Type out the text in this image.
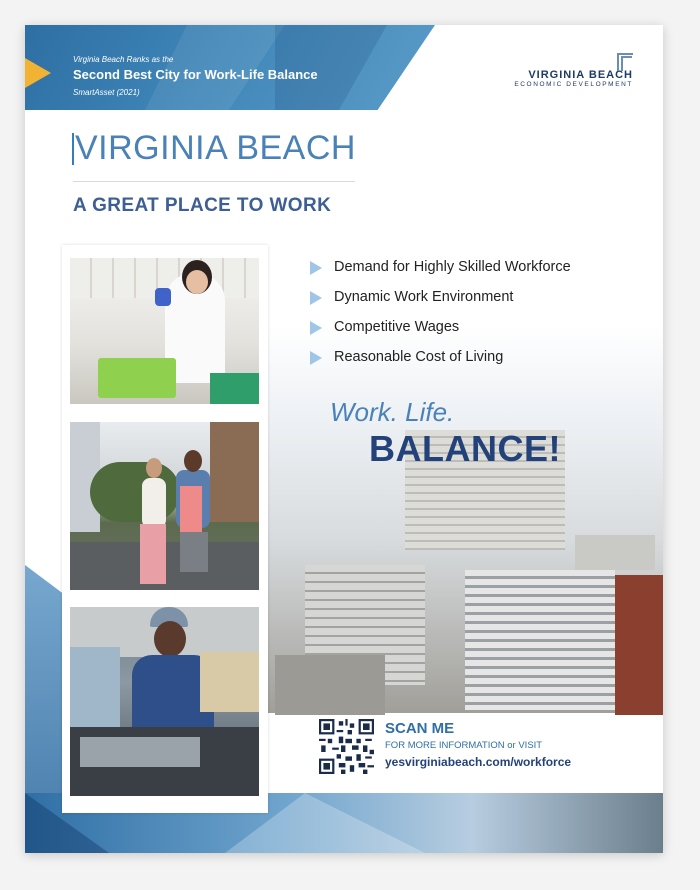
Virginia Beach Ranks as the
Second Best City for Work-Life Balance
SmartAsset (2021)
VIRGINIA BEACH
ECONOMIC DEVELOPMENT
VIRGINIA BEACH
A GREAT PLACE TO WORK
Demand for Highly Skilled Workforce
Dynamic Work Environment
Competitive Wages
Reasonable Cost of Living
Work. Life.
BALANCE!
SCAN ME
FOR MORE INFORMATION or VISIT
yesvirginiabeach.com/workforce
